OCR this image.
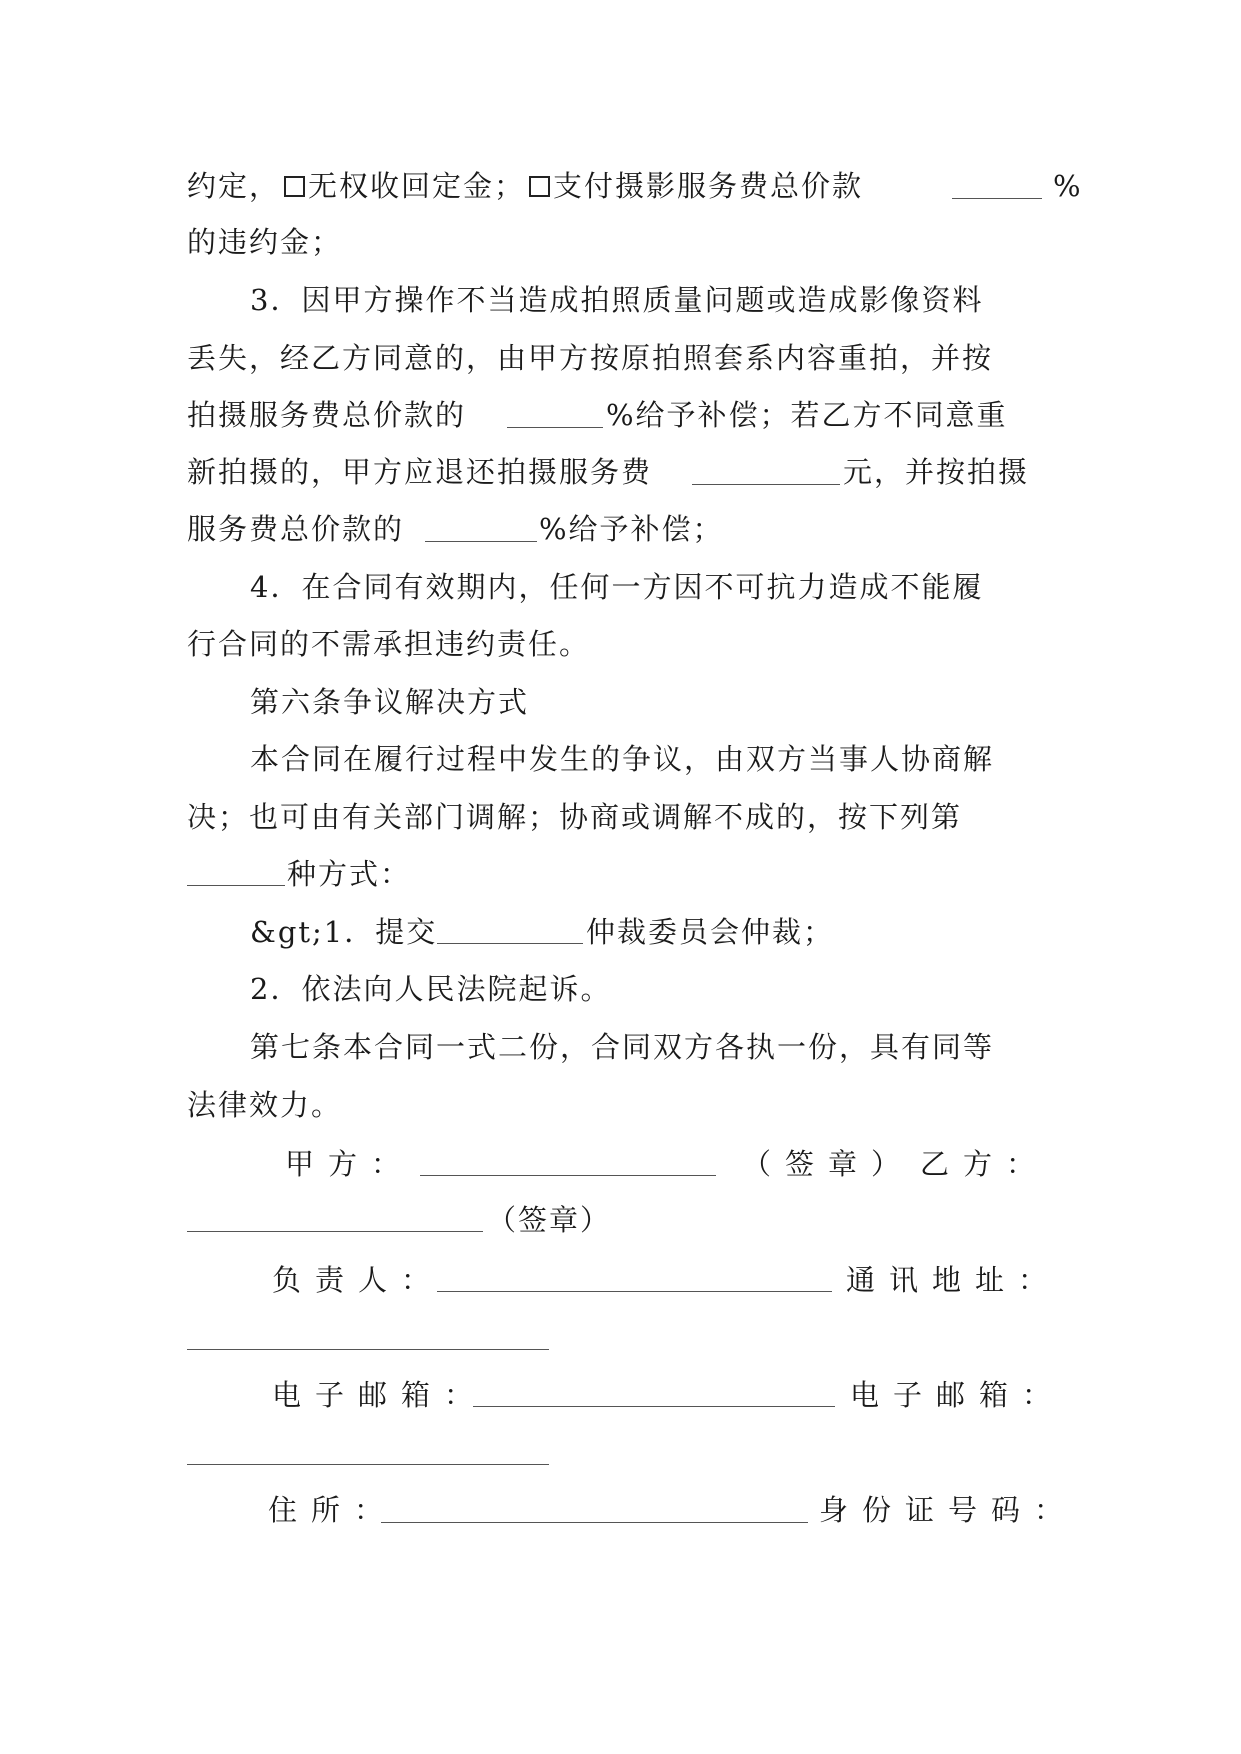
约定， 无权收回定金； 支付摄影服务费总价款	%
的违约金；
3．因甲方操作不当造成拍照质量问题或造成影像资料
丢失，经乙方同意的，由甲方按原拍照套系内容重拍，并按
拍摄服务费总价款的	%给予补偿；若乙方不同意重
新拍摄的，甲方应退还拍摄服务费	元，并按拍摄
服务费总价款的	%给予补偿；
4．在合同有效期内，任何一方因不可抗力造成不能履
行合同的不需承担违约责任。
第六条争议解决方式
本合同在履行过程中发生的争议，由双方当事人协商解
决；也可由有关部门调解；协商或调解不成的，按下列第
种方式：
&gt;1．提交	仲裁委员会仲裁；
2．依法向人民法院起诉。
第七条本合同一式二份，合同双方各执一份，具有同等
法律效力。
甲方：	（签章） 乙方：
（签章）
负责人：	通讯地址：
电子邮箱：	电子邮箱：
住所：	身份证号码：
